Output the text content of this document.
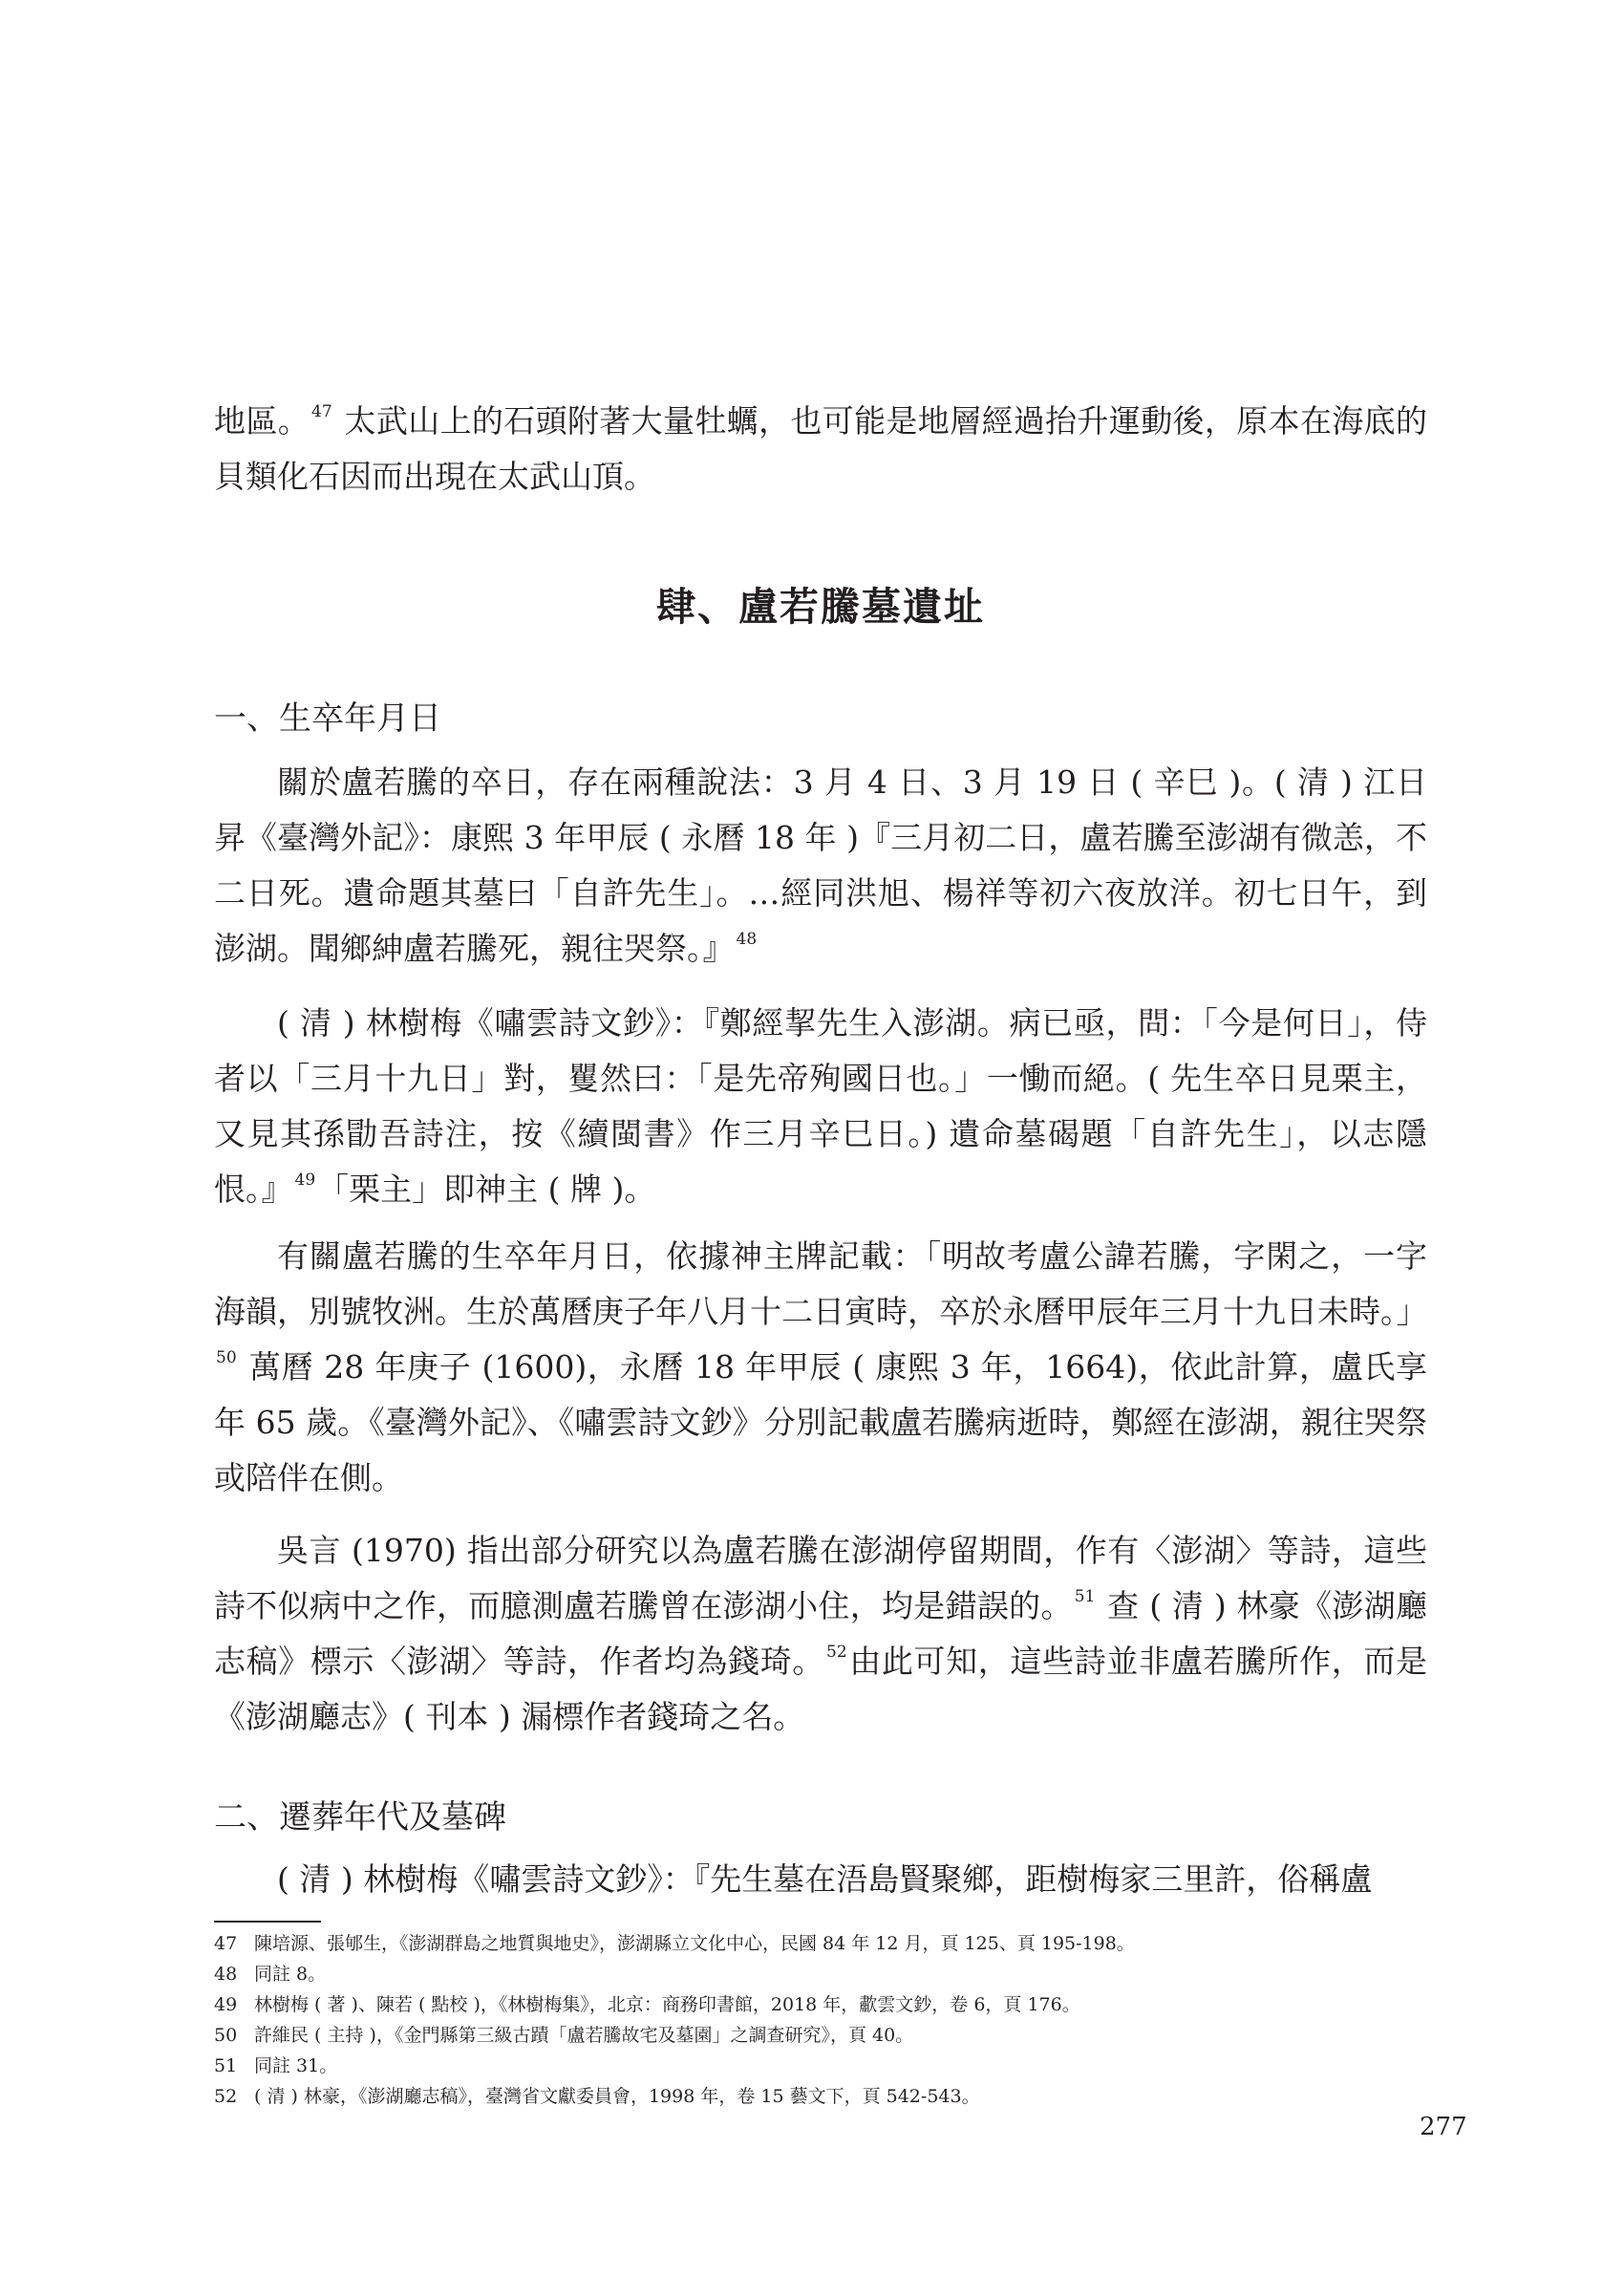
地區。 $^{47}$ 太武山上的石頭附著大量牡蠣，也可能是地層經過抬升運動後，原本在海底的貝類化石因而出現在太武山頂。

肆、盧若騰墓遺址
一、生卒年月日

關於盧若騰的卒日，存在兩種說法：3 月 4 日、3 月 19 日 ( 辛巳 )。( 清 ) 江日昇《臺灣外記》：康熙 3 年甲辰 ( 永曆 18 年 )『三月初二日，盧若騰至澎湖有微恙，不二日死。遺命題其墓曰「自許先生」。…經同洪旭、楊祥等初六夜放洋。初七日午，到澎湖。聞鄉紳盧若騰死，親往哭祭。』 $^{48}$

( 清 ) 林樹梅《嘯雲詩文鈔》：『鄭經挈先生入澎湖。病已亟，問：「今是何日」，侍者以「三月十九日」對，矍然曰：「是先帝殉國日也。」一慟而絕。( 先生卒日見栗主，又見其孫勖吾詩注，按《續閩書》作三月辛巳日。) 遺命墓碣題「自許先生」，以志隱恨。』 $^{49}$「栗主」即神主 ( 牌 )。

有關盧若騰的生卒年月日，依據神主牌記載：「明故考盧公諱若騰，字閑之，一字海韻，別號牧洲。生於萬曆庚子年八月十二日寅時，卒於永曆甲辰年三月十九日未時。」$^{50}$ 萬曆 28 年庚子 (1600)，永曆 18 年甲辰 ( 康熙 3 年，1664)，依此計算，盧氏享年 65 歲。《臺灣外記》、《嘯雲詩文鈔》分別記載盧若騰病逝時，鄭經在澎湖，親往哭祭或陪伴在側。

吳言 (1970) 指出部分研究以為盧若騰在澎湖停留期間，作有〈澎湖〉等詩，這些詩不似病中之作，而臆測盧若騰曾在澎湖小住，均是錯誤的。 $^{51}$ 查 ( 清 ) 林豪《澎湖廳志稿》標示〈澎湖〉等詩，作者均為錢琦。 $^{52}$由此可知，這些詩並非盧若騰所作，而是《澎湖廳志》( 刊本 ) 漏標作者錢琦之名。

二、遷葬年代及墓碑

( 清 ) 林樹梅《嘯雲詩文鈔》：『先生墓在浯島賢聚鄉，距樹梅家三里許，俗稱盧

47 陳培源、張郇生，《澎湖群島之地質與地史》，澎湖縣立文化中心，民國 84 年 12 月，頁 125、頁 195-198。
48 同註 8。
49 林樹梅 ( 著 )、陳若 ( 點校 )，《林樹梅集》，北京：商務印書館，2018 年，歗雲文鈔，卷 6，頁 176。
50 許維民 ( 主持 )，《金門縣第三級古蹟「盧若騰故宅及墓園」之調查研究》，頁 40。
51 同註 31。
52 ( 清 ) 林豪，《澎湖廳志稿》，臺灣省文獻委員會，1998 年，卷 15 藝文下，頁 542-543。
277
